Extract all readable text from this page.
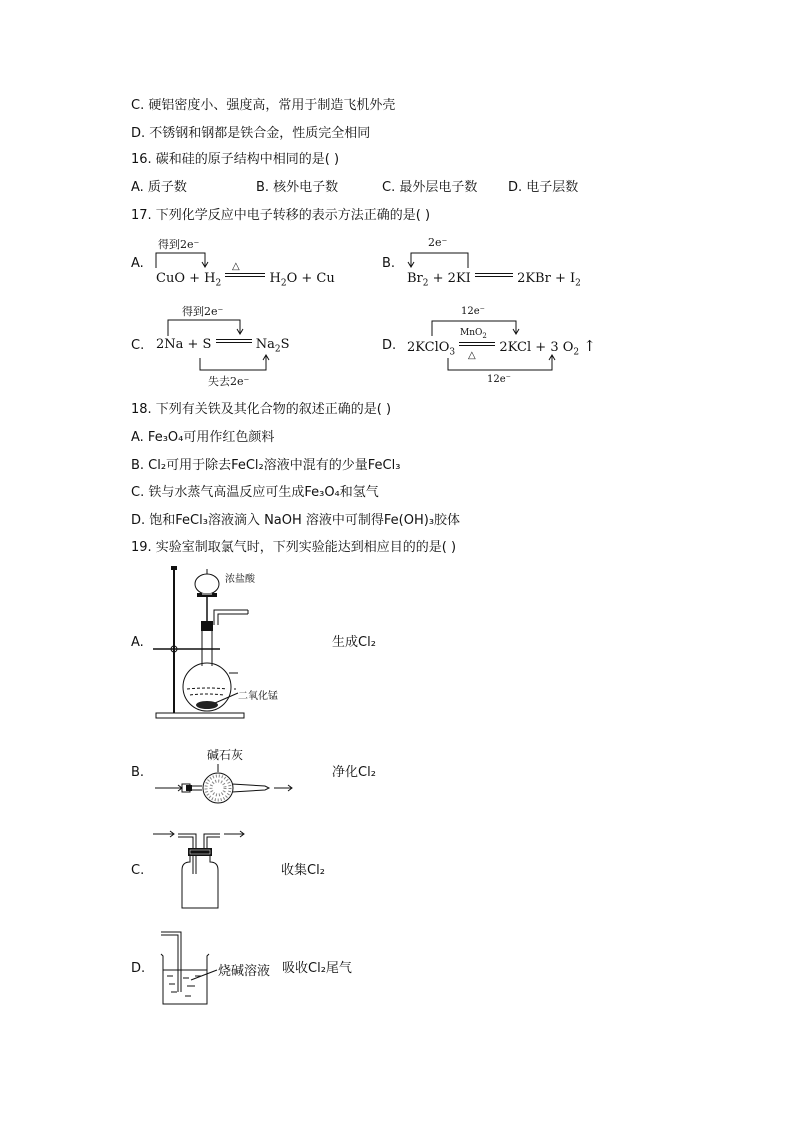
C. 硬铝密度小、强度高，常用于制造飞机外壳
D. 不锈钢和钢都是铁合金，性质完全相同
16. 碳和硅的原子结构中相同的是( )
A. 质子数	B. 核外电子数	C. 最外层电子数 D. 电子层数
17. 下列化学反应中电子转移的表示方法正确的是( )
A.
得到2e⁻
CuO + $H_2$	$H_2O + Cu$
△	B.
2e⁻
$Br_2 + 2KI$	$2KBr + I_2$
C.
得到2e⁻
2Na + S	$Na_2S$
失去2e⁻
D.
12e⁻
MnO$_2$
2KClO$_3$	2KCl + 3 $O_2$ ↑
△
12e⁻
18. 下列有关铁及其化合物的叙述正确的是( )
A. Fe₃O₄可用作红色颜料
B. Cl₂可用于除去FeCl₂溶液中混有的少量FeCl₃
C. 铁与水蒸气高温反应可生成Fe₃O₄和氢气
D. 饱和FeCl₃溶液滴入 NaOH 溶液中可制得Fe(OH)₃胶体
19. 实验室制取氯气时，下列实验能达到相应目的的是( )
A.
浓盐酸
二氧化锰
生成Cl₂
B.
碱石灰
净化Cl₂
C.	收集Cl₂
D.	烧碱溶液 吸收Cl₂尾气
